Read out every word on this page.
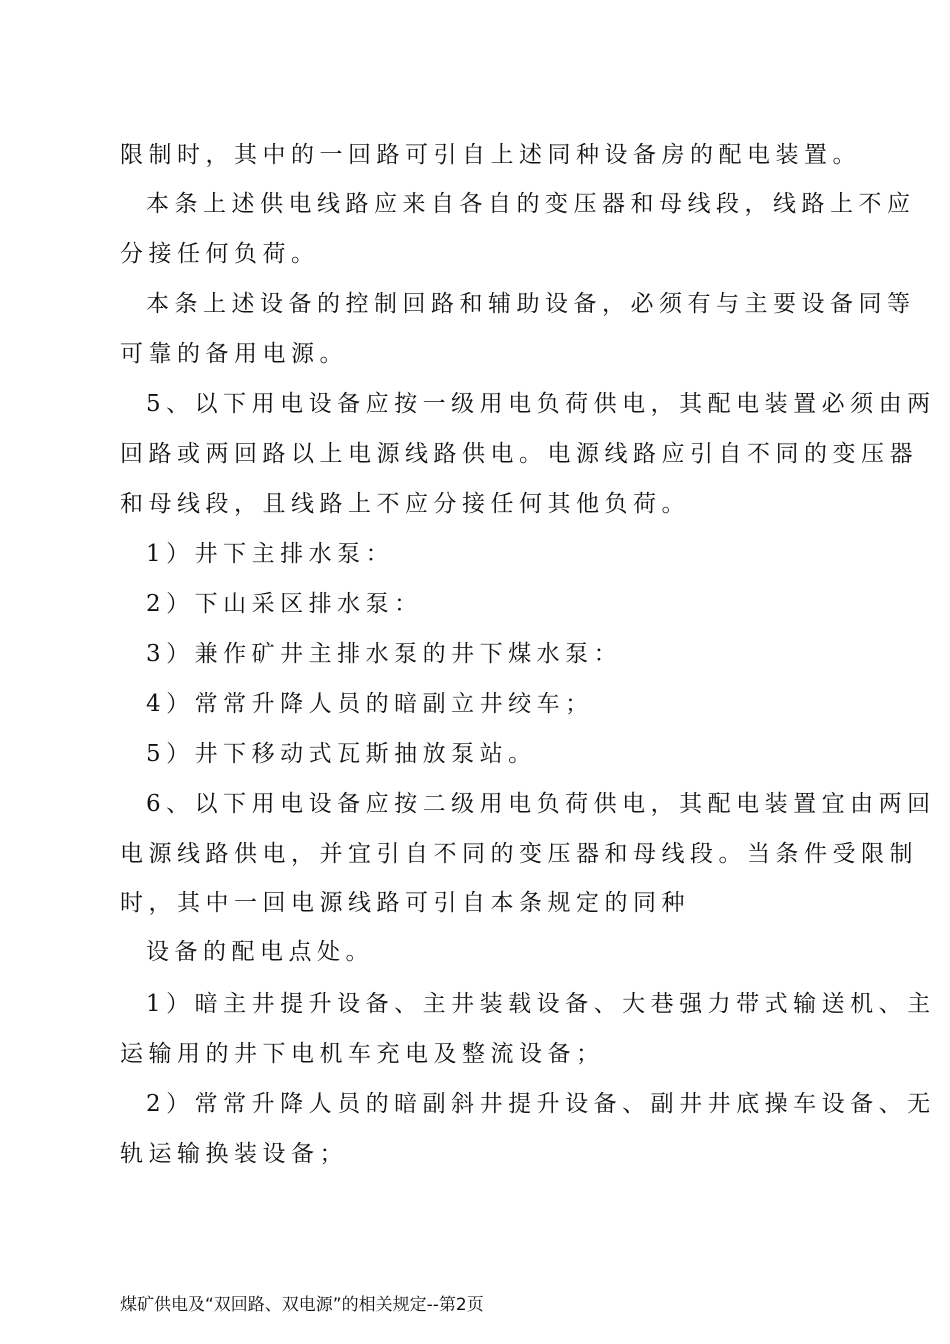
限制时，其中的一回路可引自上述同种设备房的配电装置。
本条上述供电线路应来自各自的变压器和母线段，线路上不应
分接任何负荷。
本条上述设备的控制回路和辅助设备，必须有与主要设备同等
可靠的备用电源。
5、以下用电设备应按一级用电负荷供电，其配电装置必须由两
回路或两回路以上电源线路供电。电源线路应引自不同的变压器
和母线段，且线路上不应分接任何其他负荷。
1）井下主排水泵：
2）下山采区排水泵：
3）兼作矿井主排水泵的井下煤水泵：
4）常常升降人员的暗副立井绞车；
5）井下移动式瓦斯抽放泵站。
6、以下用电设备应按二级用电负荷供电，其配电装置宜由两回
电源线路供电，并宜引自不同的变压器和母线段。当条件受限制
时，其中一回电源线路可引自本条规定的同种
设备的配电点处。
1）暗主井提升设备、主井装载设备、大巷强力带式输送机、主
运输用的井下电机车充电及整流设备；
2）常常升降人员的暗副斜井提升设备、副井井底操车设备、无
轨运输换装设备；
煤矿供电及“双回路、双电源”的相关规定--第2页
